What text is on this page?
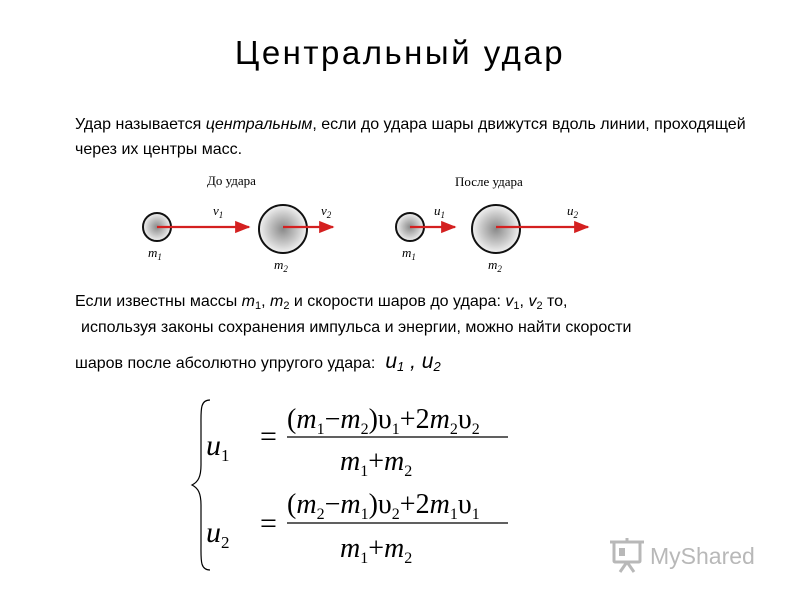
Центральный удар
Удар называется центральным, если до удара шары движутся вдоль линии, проходящей через их центры масс.
До удара	После удара
$v_1$	$v_2$
$m_1$	$m_2$
$u_1$	$u_2$
$m_1$	$m_2$
Если известны массы $m_1$, $m_2$ и скорости шаров до удара: $v_1$, $v_2$ то,
используя законы сохранения импульса и энергии, можно найти скорости
шаров после абсолютно упругого удара: $u_1$ , $u_2$
$u_1$
=
$(m_1-m_2)\upsilon_1+2m_2\upsilon_2$
$m_1+m_2$
$u_2$
=
$(m_2-m_1)\upsilon_2+2m_1\upsilon_1$
$m_1+m_2$	MyShared
